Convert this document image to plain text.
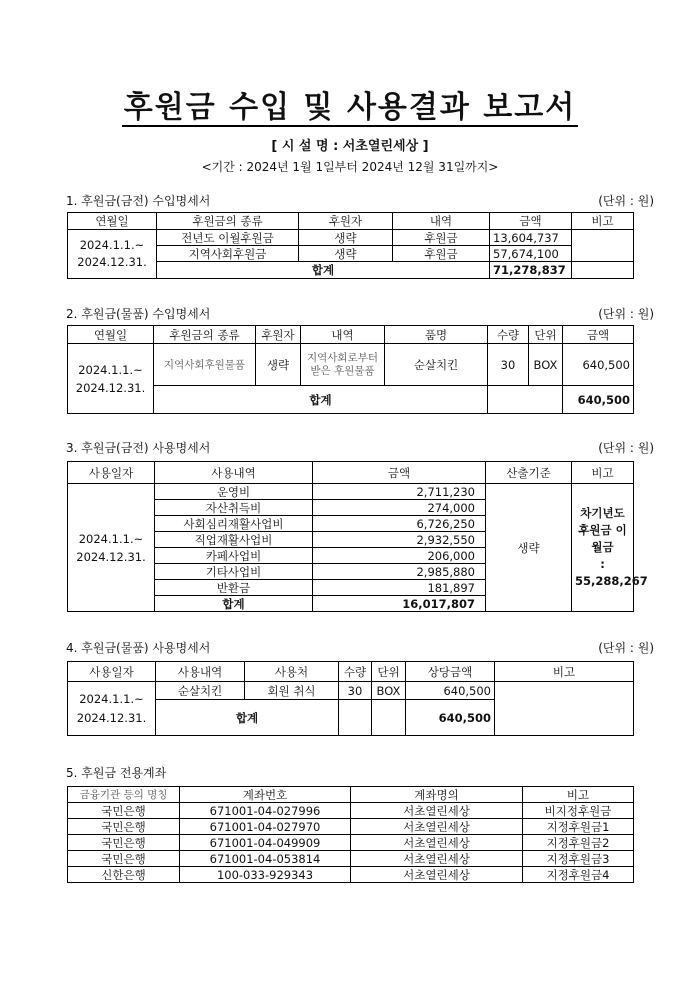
후원금 수입 및 사용결과 보고서
[ 시 설 명 : 서초열린세상 ]
<기간 : 2024년 1월 1일부터 2024년 12월 31일까지>
1. 후원금(금전) 수입명세서	(단위 : 원)
연월일	후원금의 종류	후원자	내역	금액	비고
2024.1.1.~
2024.12.31.	전년도 이월후원금	생략	후원금	13,604,737	
	지역사회후원금	생략	후원금	57,674,100	
	합계			71,278,837	
2. 후원금(물품) 수입명세서	(단위 : 원)
연월일	후원금의 종류	후원자	내역	품명	수량	단위	금액
2024.1.1.~
2024.12.31.	지역사회후원물품	생략	지역사회로부터
받은 후원물품	순살치킨	30	BOX	640,500
	합계						640,500
3. 후원금(금전) 사용명세서	(단위 : 원)
사용일자	사용내역	금액	산출기준	비고
2024.1.1.~
2024.12.31.	운영비	2,711,230	생략	차기년도
후원금 이월금
: 55,288,267
	자산취득비	274,000		
	사회심리재활사업비	6,726,250		
	직업재활사업비	2,932,550		
	카페사업비	206,000		
	기타사업비	2,985,880		
	반환금	181,897		
	합계	16,017,807		
4. 후원금(물품) 사용명세서	(단위 : 원)
사용일자	사용내역	사용처	수량	단위	상당금액	비고
2024.1.1.~
2024.12.31.	순살치킨	회원 취식	30	BOX	640,500	
	합계				640,500	
5. 후원금 전용계좌
금융기관 등의 명칭	계좌번호	계좌명의	비고
국민은행	671001-04-027996	서초열린세상	비지정후원금
국민은행	671001-04-027970	서초열린세상	지정후원금1
국민은행	671001-04-049909	서초열린세상	지정후원금2
국민은행	671001-04-053814	서초열린세상	지정후원금3
신한은행	100-033-929343	서초열린세상	지정후원금4
